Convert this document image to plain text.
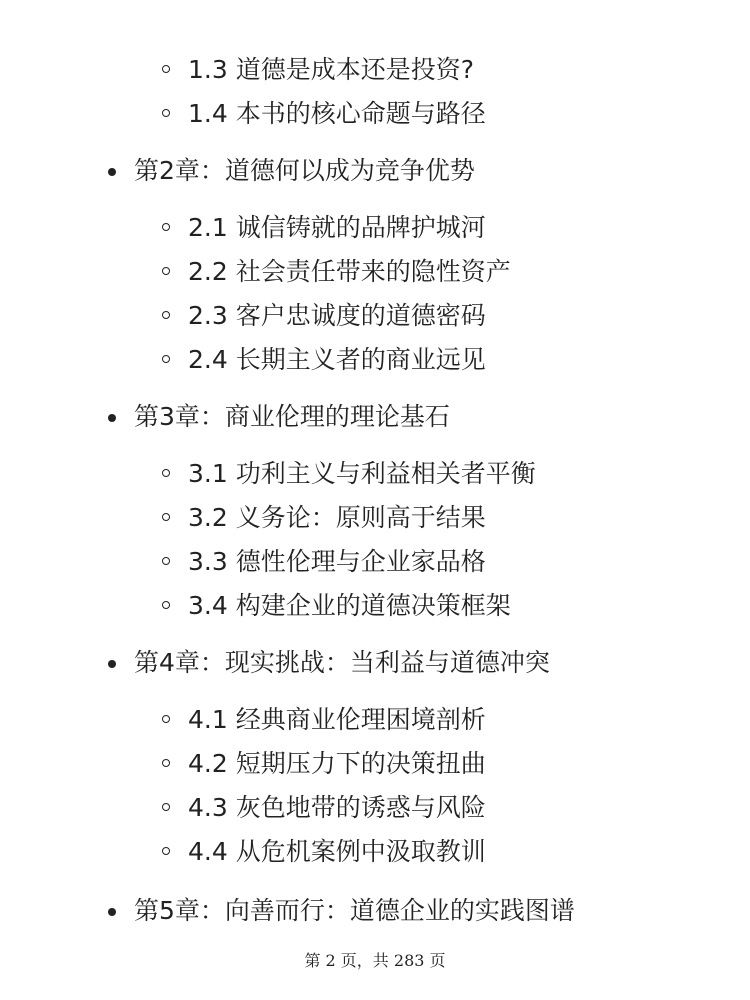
1.3 道德是成本还是投资?
1.4 本书的核心命题与路径
第2章：道德何以成为竞争优势
2.1 诚信铸就的品牌护城河
2.2 社会责任带来的隐性资产
2.3 客户忠诚度的道德密码
2.4 长期主义者的商业远见
第3章：商业伦理的理论基石
3.1 功利主义与利益相关者平衡
3.2 义务论：原则高于结果
3.3 德性伦理与企业家品格
3.4 构建企业的道德决策框架
第4章：现实挑战：当利益与道德冲突
4.1 经典商业伦理困境剖析
4.2 短期压力下的决策扭曲
4.3 灰色地带的诱惑与风险
4.4 从危机案例中汲取教训
第5章：向善而行：道德企业的实践图谱
第 2 页，共 283 页
